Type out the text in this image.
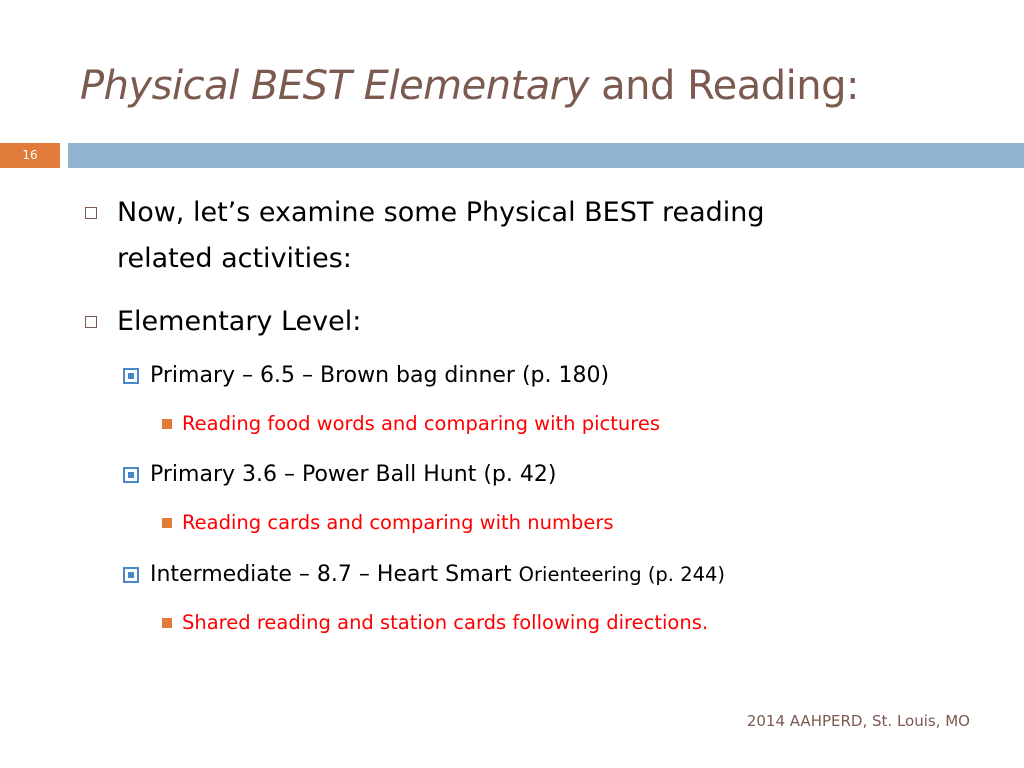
Physical BEST Elementary and Reading:
16
Now, let’s examine some Physical BEST reading
related activities:
Elementary Level:
Primary – 6.5 – Brown bag dinner (p. 180)
Reading food words and comparing with pictures
Primary 3.6 – Power Ball Hunt (p. 42)
Reading cards and comparing with numbers
Intermediate – 8.7 – Heart Smart Orienteering (p. 244)
Shared reading and station cards following directions.
2014 AAHPERD, St. Louis, MO
